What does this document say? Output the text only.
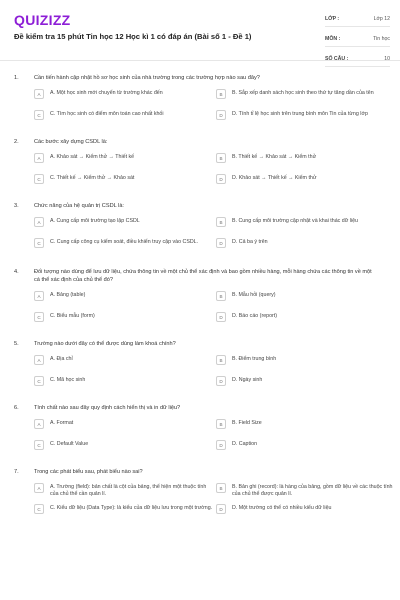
QUIZIZZ
Đề kiểm tra 15 phút Tin học 12 Học kì 1 có đáp án (Bài số 1 - Đề 1)
LỚP :	Lớp 12
MÔN :	Tin học
SỐ CÂU :	10
1.	Cần tiến hành cập nhật hồ sơ học sinh của nhà trường trong các trường hợp nào sau đây?
A	A. Một học sinh mới chuyển từ trường khác đến	B	B. Sắp xếp danh sách học sinh theo thứ tự tăng dần của tên
C	C. Tìm học sinh có điểm môn toán cao nhất khối	D	D. Tính tỉ lệ học sinh trên trung bình môn Tin của từng lớp
2.	Các bước xây dựng CSDL là:
A	A. Khảo sát → Kiểm thử → Thiết kế	B	B. Thiết kế → Khảo sát → Kiểm thử
C	C. Thiết kế → Kiểm thử → Khảo sát	D	D. Khảo sát → Thiết kế → Kiểm thử
3.	Chức năng của hệ quản trị CSDL là:
A	A. Cung cấp môi trường tạo lập CSDL	B	B. Cung cấp môi trường cập nhật và khai thác dữ liệu
C	C. Cung cấp công cụ kiểm soát, điều khiển truy cập vào CSDL.	D	D. Cả ba ý trên
4.	Đối tượng nào dùng để lưu dữ liệu, chứa thông tin về một chủ thể xác định và bao gồm nhiều hàng, mỗi hàng chứa các thông tin về một cá thể xác định của chủ thể đó?
A	A. Bảng (table)	B	B. Mẫu hỏi (query)
C	C. Biểu mẫu (form)	D	D. Báo cáo (report)
5.	Trường nào dưới đây có thể được dùng làm khoá chính?
A	A. Địa chỉ	B	B. Điểm trung bình
C	C. Mã học sinh	D	D. Ngày sinh
6.	Tính chất nào sau đây quy định cách hiển thị và in dữ liệu?
A	A. Format	B	B. Field Size
C	C. Default Value	D	D. Caption
7.	Trong các phát biểu sau, phát biểu nào sai?
A	A. Trường (field): bản chất là cột của bảng, thể hiện một thuộc tính của chủ thể cần quản lí.
B	B. Bản ghi (record): là hàng của bảng, gồm dữ liệu về các thuộc tính của chủ thể được quản lí.
C	C. Kiểu dữ liệu (Data Type): là kiểu của dữ liệu lưu trong một trường.	D	D. Một trường có thể có nhiều kiểu dữ liệu
